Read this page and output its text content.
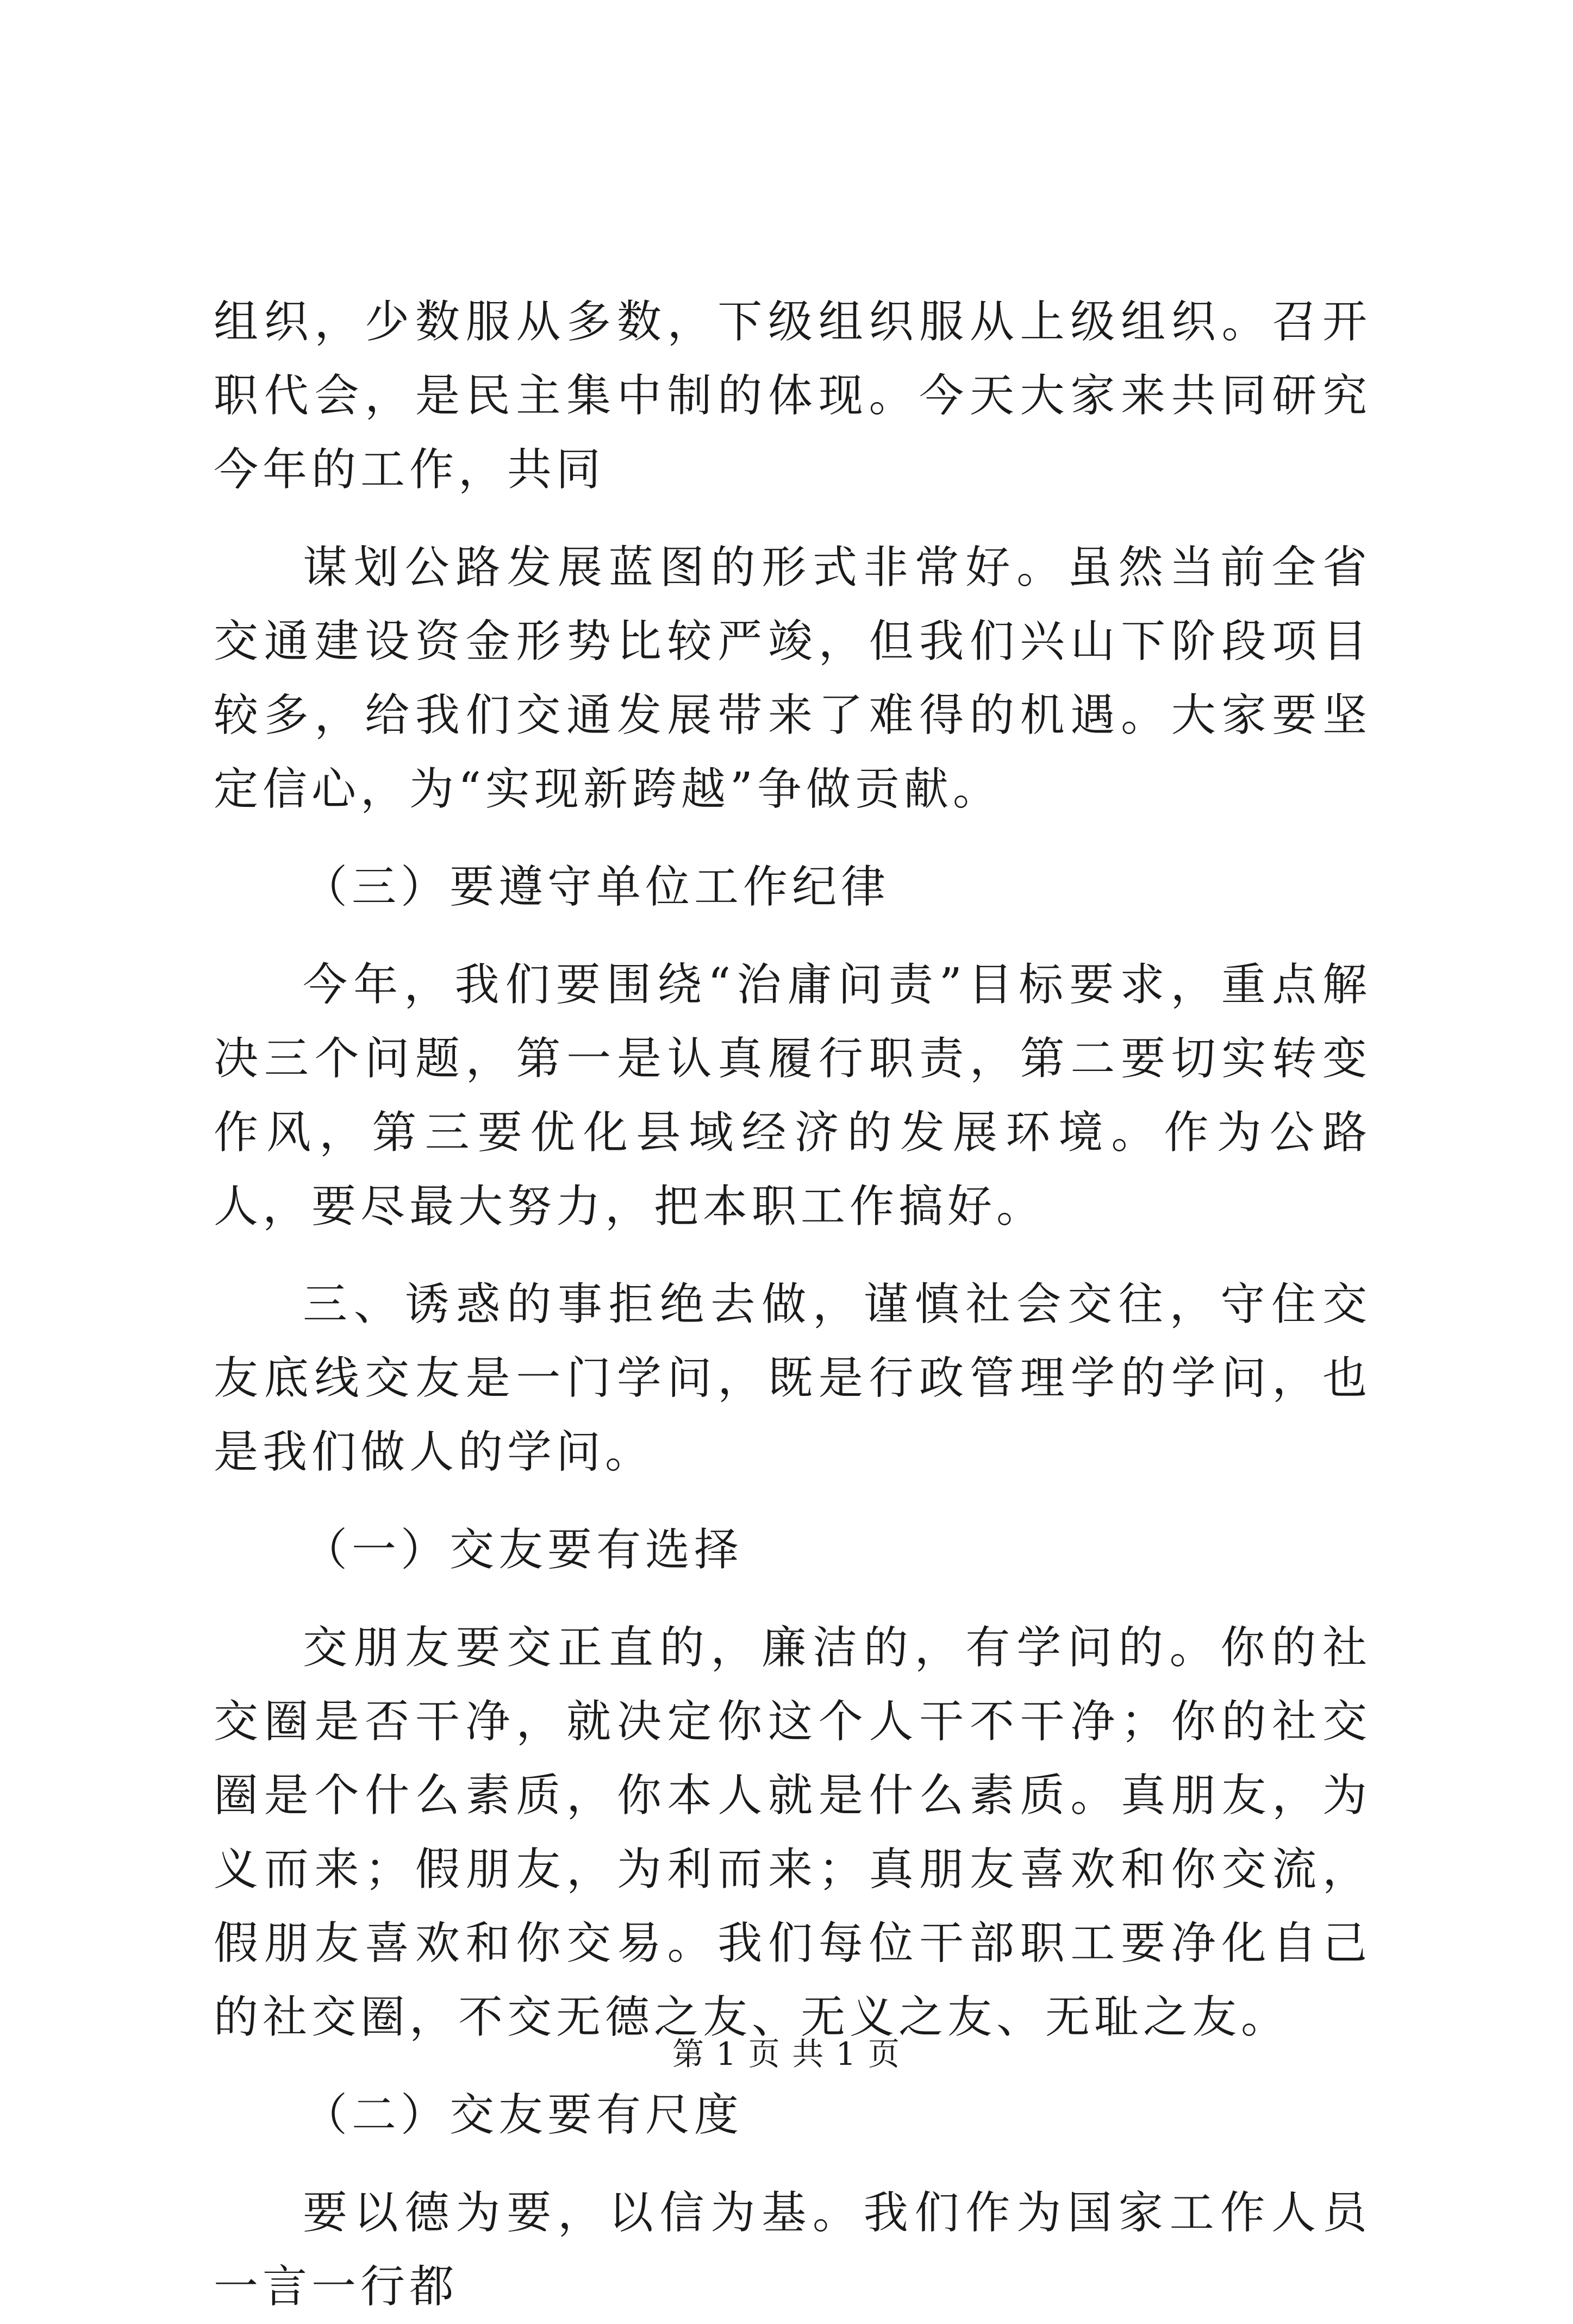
组织，少数服从多数，下级组织服从上级组织。召开职代会，是民主集中制的体现。今天大家来共同研究今年的工作，共同

谋划公路发展蓝图的形式非常好。虽然当前全省交通建设资金形势比较严竣，但我们兴山下阶段项目较多，给我们交通发展带来了难得的机遇。大家要坚定信心，为“实现新跨越”争做贡献。

（三）要遵守单位工作纪律

今年，我们要围绕“治庸问责”目标要求，重点解决三个问题，第一是认真履行职责，第二要切实转变作风，第三要优化县域经济的发展环境。作为公路人，要尽最大努力，把本职工作搞好。

三、诱惑的事拒绝去做，谨慎社会交往，守住交友底线交友是一门学问，既是行政管理学的学问，也是我们做人的学问。

（一）交友要有选择

交朋友要交正直的，廉洁的，有学问的。你的社交圈是否干净，就决定你这个人干不干净；你的社交圈是个什么素质，你本人就是什么素质。真朋友，为义而来；假朋友，为利而来；真朋友喜欢和你交流，假朋友喜欢和你交易。我们每位干部职工要净化自己的社交圈，不交无德之友、无义之友、无耻之友。

（二）交友要有尺度

要以德为要，以信为基。我们作为国家工作人员一言一行都

第 1 页 共 1 页
